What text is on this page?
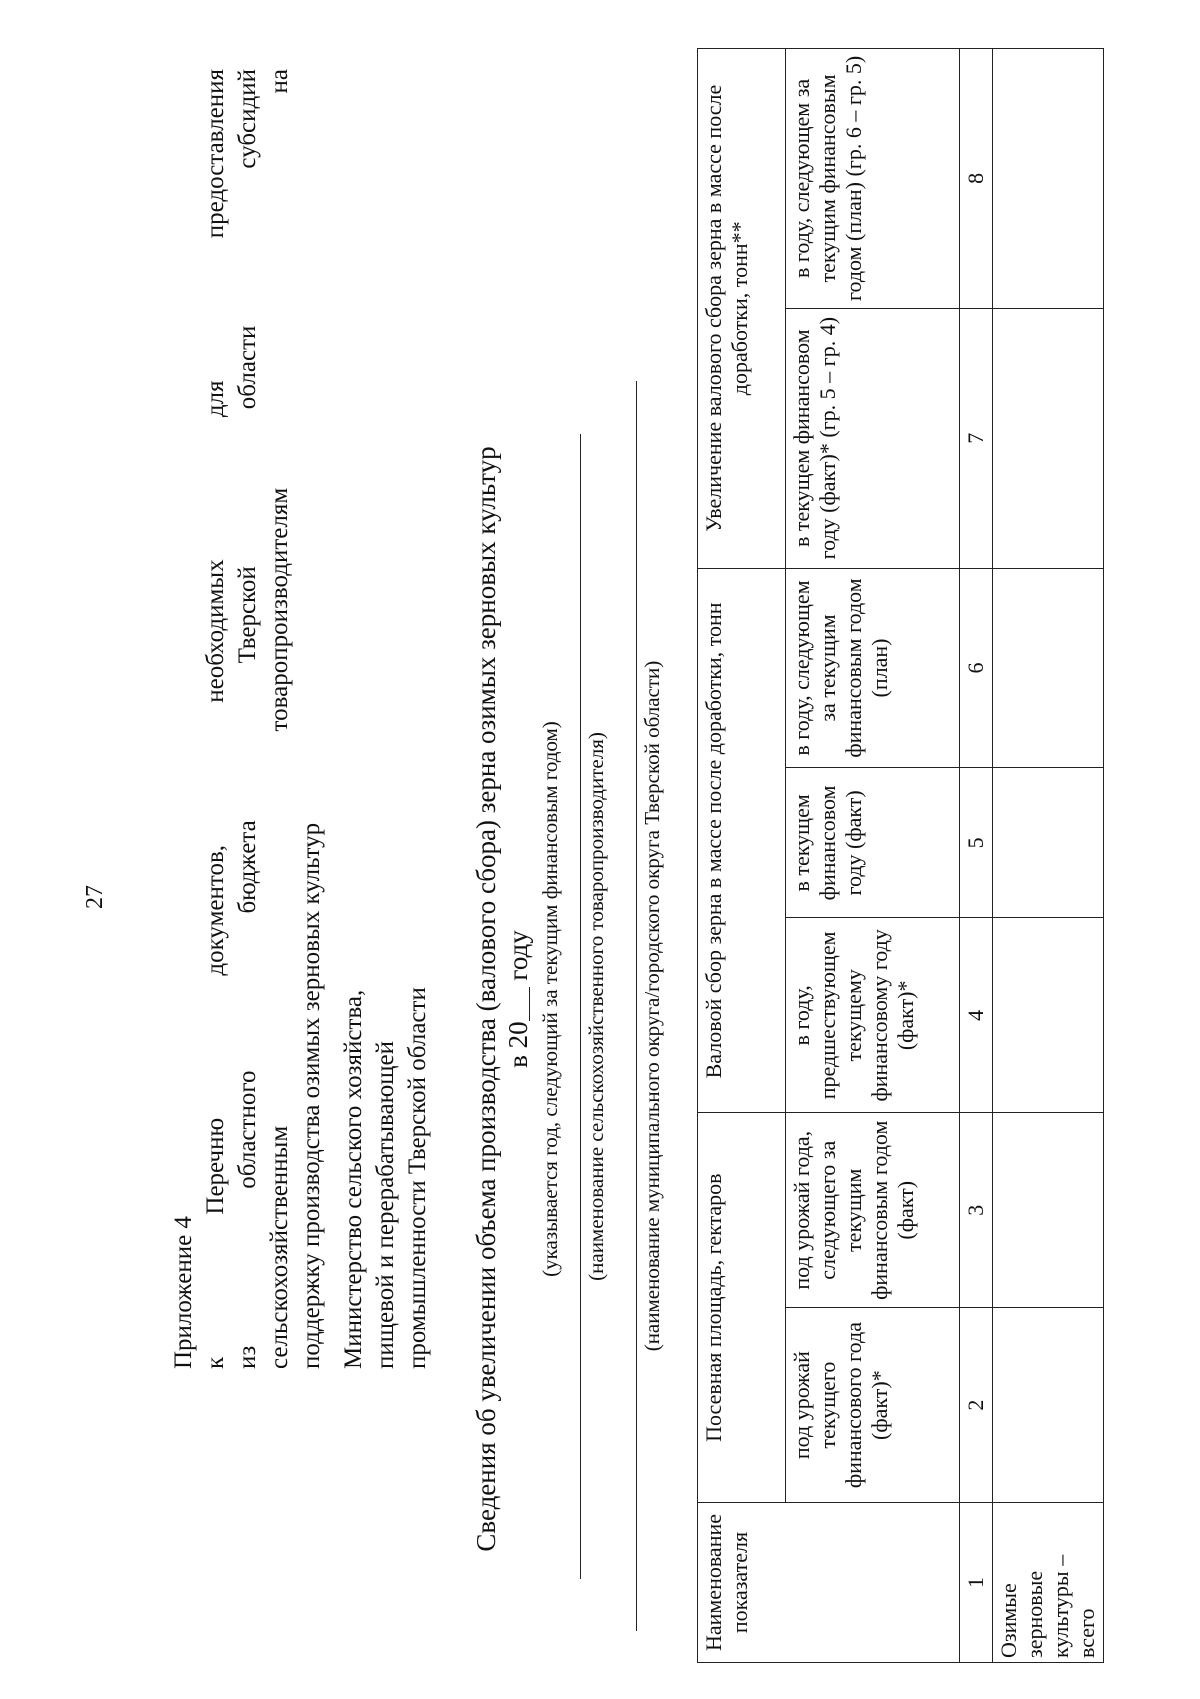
27
Приложение 4 к Перечню документов, необходимых для предоставления из областного бюджета Тверской области субсидий сельскохозяйственным товаропроизводителям на поддержку производства озимых зерновых культур Министерство сельского хозяйства, пищевой и перерабатывающей промышленности Тверской области Сведения об увеличении объема производства (валового сбора) зерна озимых зерновых культур в 20 году (указывается год, следующий за текущим финансовым годом) (наименование сельскохозяйственного товаропроизводителя) (наименование муниципального округа/городского округа Тверской области)
Наименование показателя	Посевная площадь, гектаров		Валовой сбор зерна в массе после доработки, тонн			Увеличение валового сбора зерна в массе после доработки, тонн**	
	под урожай текущего финансового года (факт)*	под урожай года, следующего за текущим финансовым годом (факт)	в году, предшествующем текущему финансовому году (факт)*	в текущем финансовом году (факт)	в году, следующем за текущим финансовым годом (план)	в текущем финансовом году (факт)* (гр. 5 – гр. 4)	в году, следующем за текущим финансовым годом (план) (гр. 6 – гр. 5)
1	2	3	4	5	6	7	8
Озимые зерновые культуры – всего							
